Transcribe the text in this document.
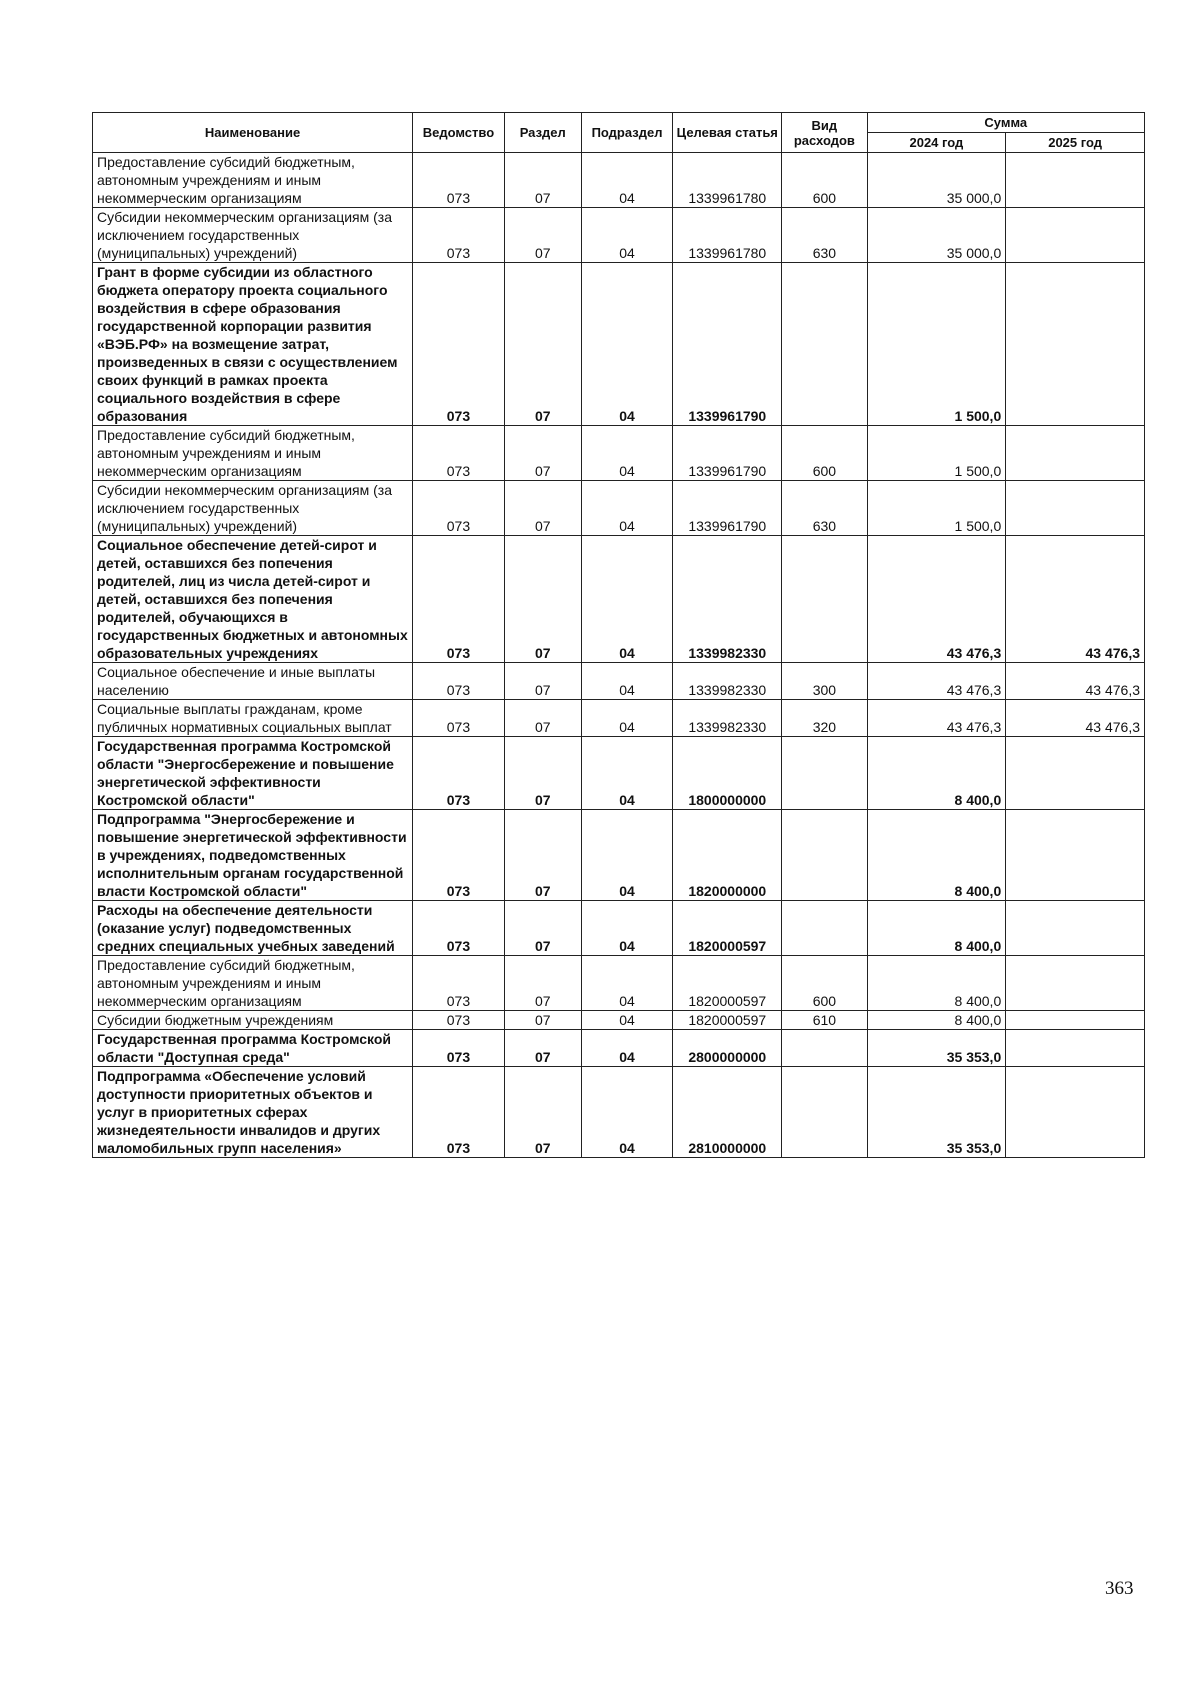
Наименование	Ведомство	Раздел	Подраздел	Целевая статья	Вид расходов	Сумма	
						2024 год	2025 год
Предоставление субсидий бюджетным, автономным учреждениям и иным некоммерческим организациям	073	07	04	1339961780	600	35 000,0	
Субсидии некоммерческим организациям (за исключением государственных (муниципальных) учреждений)	073	07	04	1339961780	630	35 000,0	
Грант в форме субсидии из областного бюджета оператору проекта социального воздействия в сфере образования государственной корпорации развития «ВЭБ.РФ» на возмещение затрат, произведенных в связи с осуществлением своих функций в рамках проекта социального воздействия в сфере образования	073	07	04	1339961790		1 500,0	
Предоставление субсидий бюджетным, автономным учреждениям и иным некоммерческим организациям	073	07	04	1339961790	600	1 500,0	
Субсидии некоммерческим организациям (за исключением государственных (муниципальных) учреждений)	073	07	04	1339961790	630	1 500,0	
Социальное обеспечение детей-сирот и детей, оставшихся без попечения родителей, лиц из числа детей-сирот и детей, оставшихся без попечения родителей, обучающихся в государственных бюджетных и автономных образовательных учреждениях	073	07	04	1339982330		43 476,3	43 476,3
Социальное обеспечение и иные выплаты населению	073	07	04	1339982330	300	43 476,3	43 476,3
Социальные выплаты гражданам, кроме публичных нормативных социальных выплат	073	07	04	1339982330	320	43 476,3	43 476,3
Государственная программа Костромской области "Энергосбережение и повышение энергетической эффективности Костромской области"	073	07	04	1800000000		8 400,0	
Подпрограмма "Энергосбережение и повышение энергетической эффективности в учреждениях, подведомственных исполнительным органам государственной власти Костромской области"	073	07	04	1820000000		8 400,0	
Расходы на обеспечение деятельности (оказание услуг) подведомственных средних специальных учебных заведений	073	07	04	1820000597		8 400,0	
Предоставление субсидий бюджетным, автономным учреждениям и иным некоммерческим организациям	073	07	04	1820000597	600	8 400,0	
Субсидии бюджетным учреждениям	073	07	04	1820000597	610	8 400,0	
Государственная программа Костромской области "Доступная среда"	073	07	04	2800000000		35 353,0	
Подпрограмма «Обеспечение условий доступности приоритетных объектов и услуг в приоритетных сферах жизнедеятельности инвалидов и других маломобильных групп населения»	073	07	04	2810000000		35 353,0	
363
